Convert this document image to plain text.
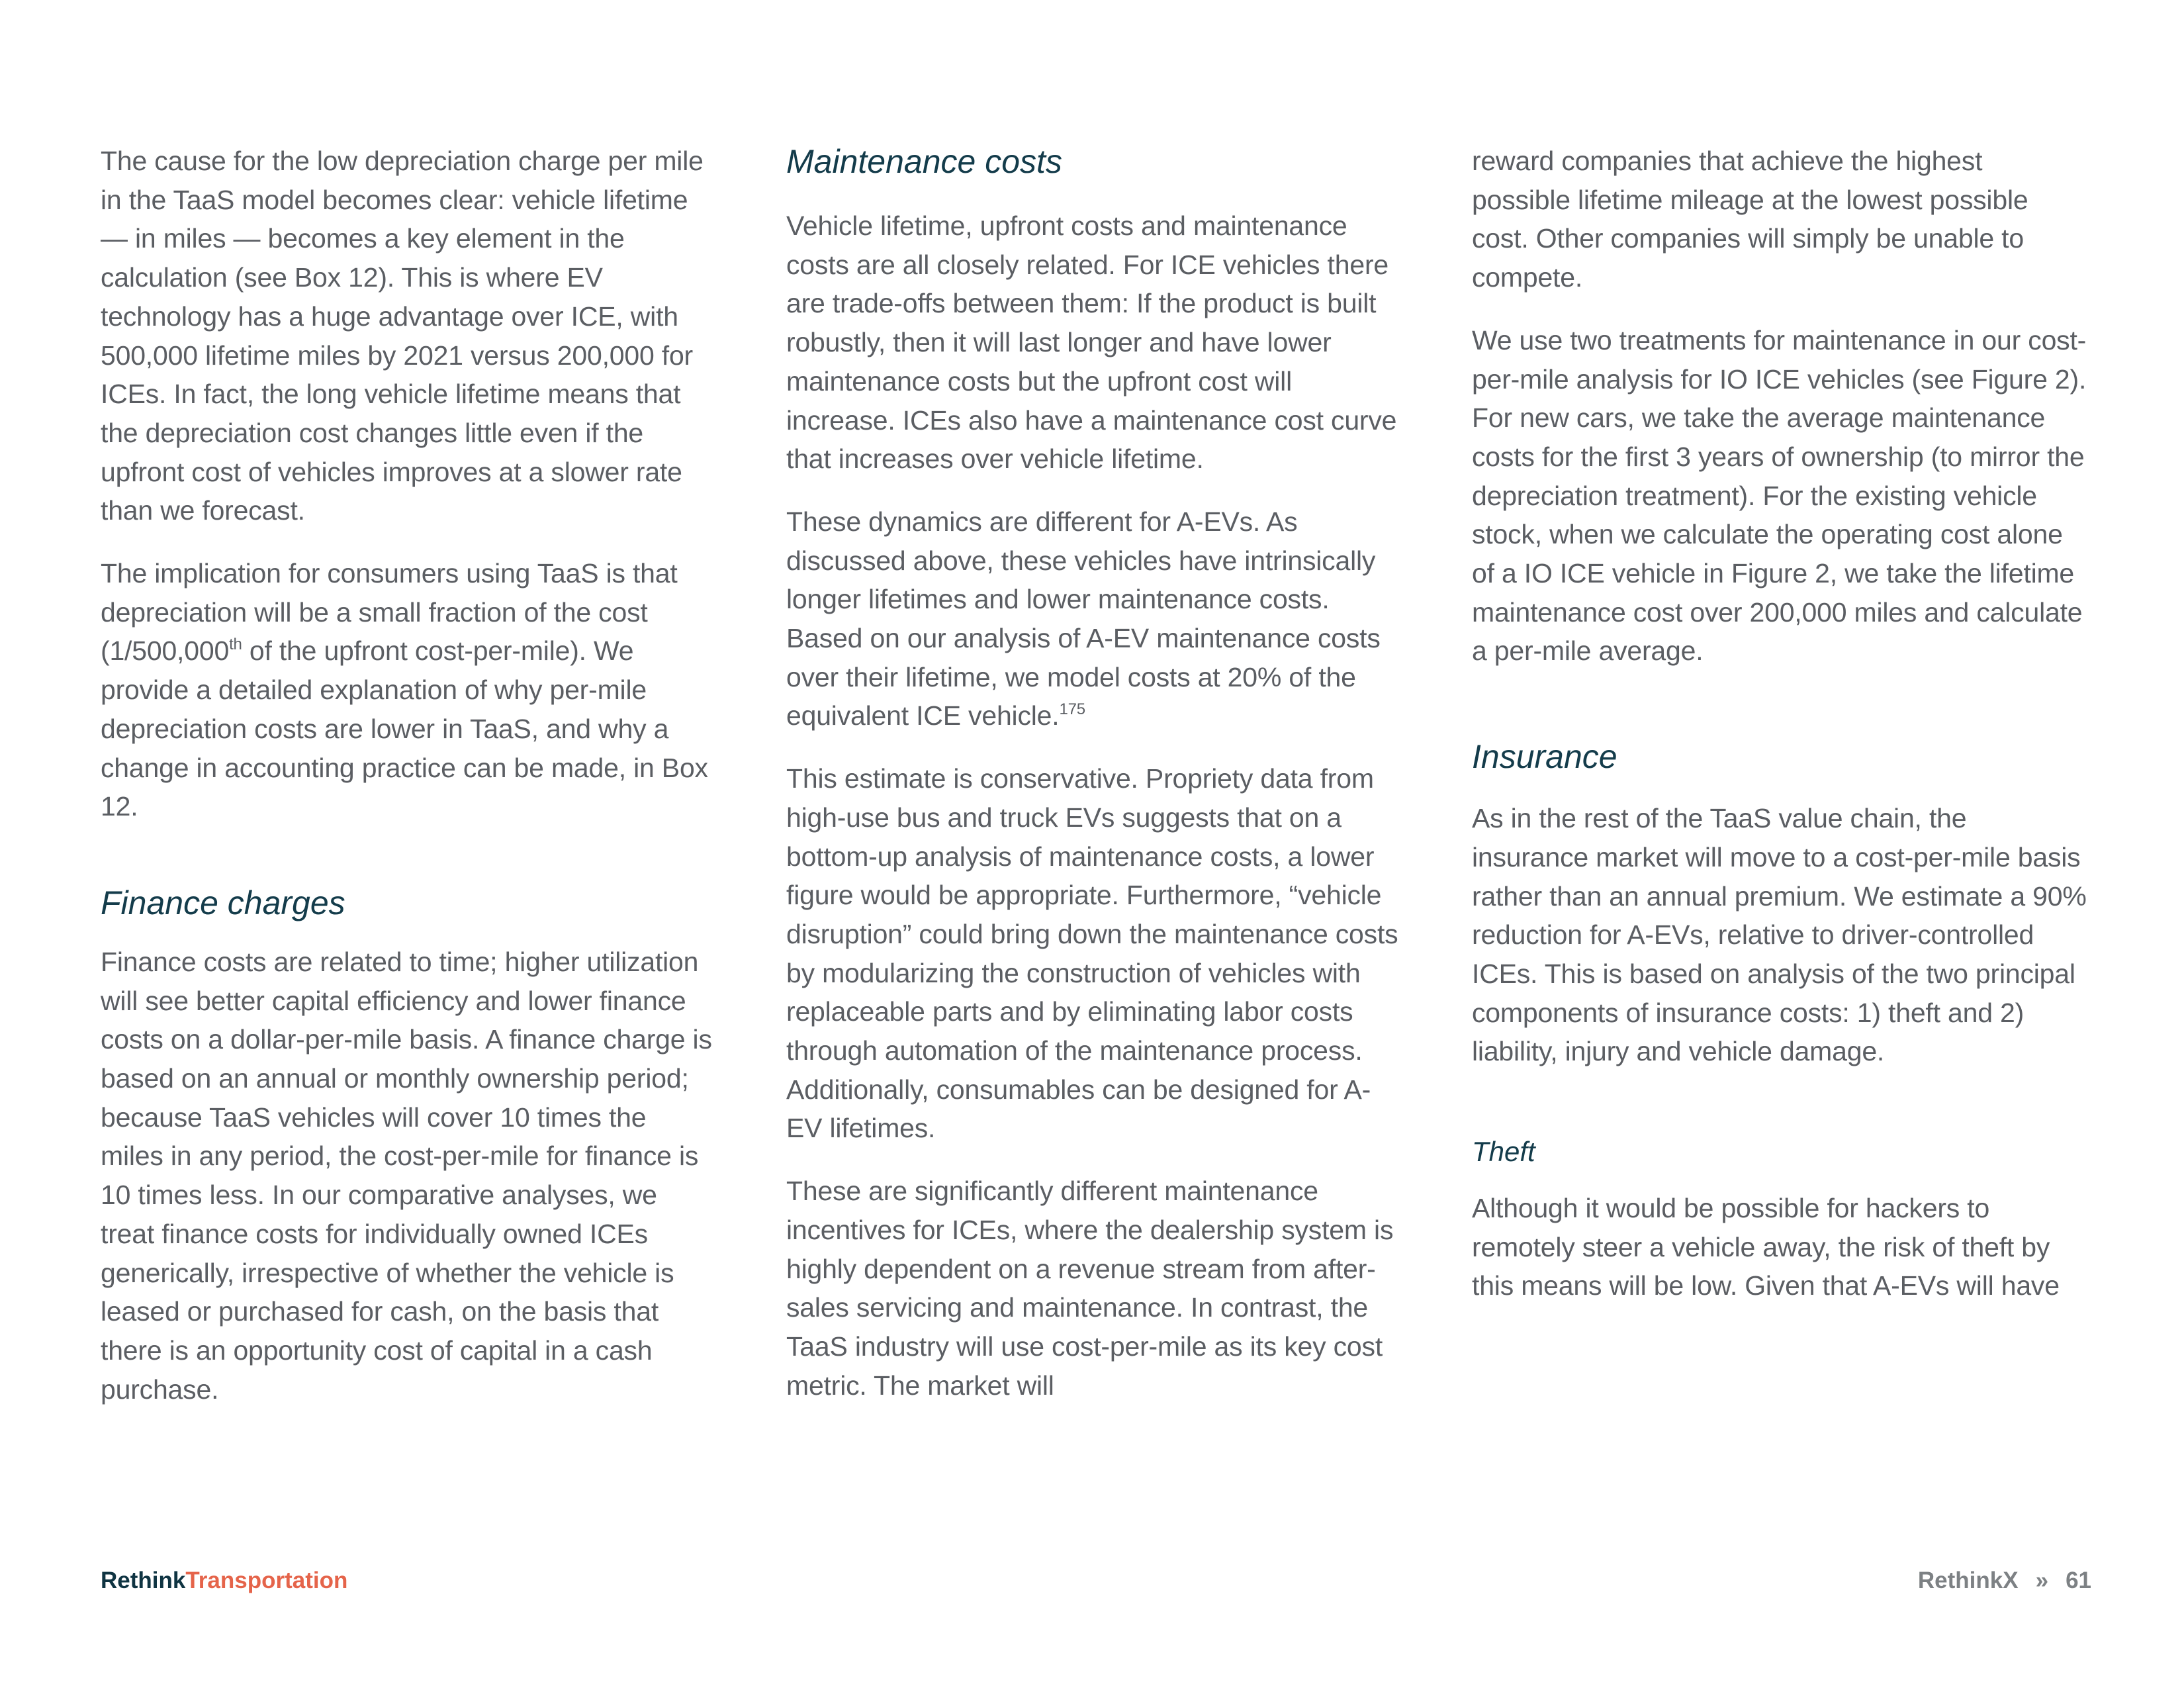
The cause for the low depreciation charge per mile in the TaaS model becomes clear: vehicle lifetime — in miles — becomes a key element in the calculation (see Box 12). This is where EV technology has a huge advantage over ICE, with 500,000 lifetime miles by 2021 versus 200,000 for ICEs. In fact, the long vehicle lifetime means that the depreciation cost changes little even if the upfront cost of vehicles improves at a slower rate than we forecast.

The implication for consumers using TaaS is that depreciation will be a small fraction of the cost (1/500,000th of the upfront cost-per-mile). We provide a detailed explanation of why per-mile depreciation costs are lower in TaaS, and why a change in accounting practice can be made, in Box 12.

Finance charges

Finance costs are related to time; higher utilization will see better capital efficiency and lower finance costs on a dollar-per-mile basis. A finance charge is based on an annual or monthly ownership period; because TaaS vehicles will cover 10 times the miles in any period, the cost-per-mile for finance is 10 times less. In our comparative analyses, we treat finance costs for individually owned ICEs generically, irrespective of whether the vehicle is leased or purchased for cash, on the basis that there is an opportunity cost of capital in a cash purchase.

Maintenance costs

Vehicle lifetime, upfront costs and maintenance costs are all closely related. For ICE vehicles there are trade-offs between them: If the product is built robustly, then it will last longer and have lower maintenance costs but the upfront cost will increase. ICEs also have a maintenance cost curve that increases over vehicle lifetime.

These dynamics are different for A-EVs. As discussed above, these vehicles have intrinsically longer lifetimes and lower maintenance costs. Based on our analysis of A-EV maintenance costs over their lifetime, we model costs at 20% of the equivalent ICE vehicle.$^{175}$

This estimate is conservative. Propriety data from high-use bus and truck EVs suggests that on a bottom-up analysis of maintenance costs, a lower figure would be appropriate. Furthermore, “vehicle disruption” could bring down the maintenance costs by modularizing the construction of vehicles with replaceable parts and by eliminating labor costs through automation of the maintenance process. Additionally, consumables can be designed for A-EV lifetimes.

These are significantly different maintenance incentives for ICEs, where the dealership system is highly dependent on a revenue stream from after-sales servicing and maintenance. In contrast, the TaaS industry will use cost-per-mile as its key cost metric. The market will

reward companies that achieve the highest possible lifetime mileage at the lowest possible cost. Other companies will simply be unable to compete.

We use two treatments for maintenance in our cost-per-mile analysis for IO ICE vehicles (see Figure 2). For new cars, we take the average maintenance costs for the first 3 years of ownership (to mirror the depreciation treatment). For the existing vehicle stock, when we calculate the operating cost alone of a IO ICE vehicle in Figure 2, we take the lifetime maintenance cost over 200,000 miles and calculate a per-mile average.

Insurance

As in the rest of the TaaS value chain, the insurance market will move to a cost-per-mile basis rather than an annual premium. We estimate a 90% reduction for A-EVs, relative to driver-controlled ICEs. This is based on analysis of the two principal components of insurance costs: 1) theft and 2) liability, injury and vehicle damage.

Theft

Although it would be possible for hackers to remotely steer a vehicle away, the risk of theft by this means will be low. Given that A-EVs will have

RethinkTransportation	RethinkX » 61
